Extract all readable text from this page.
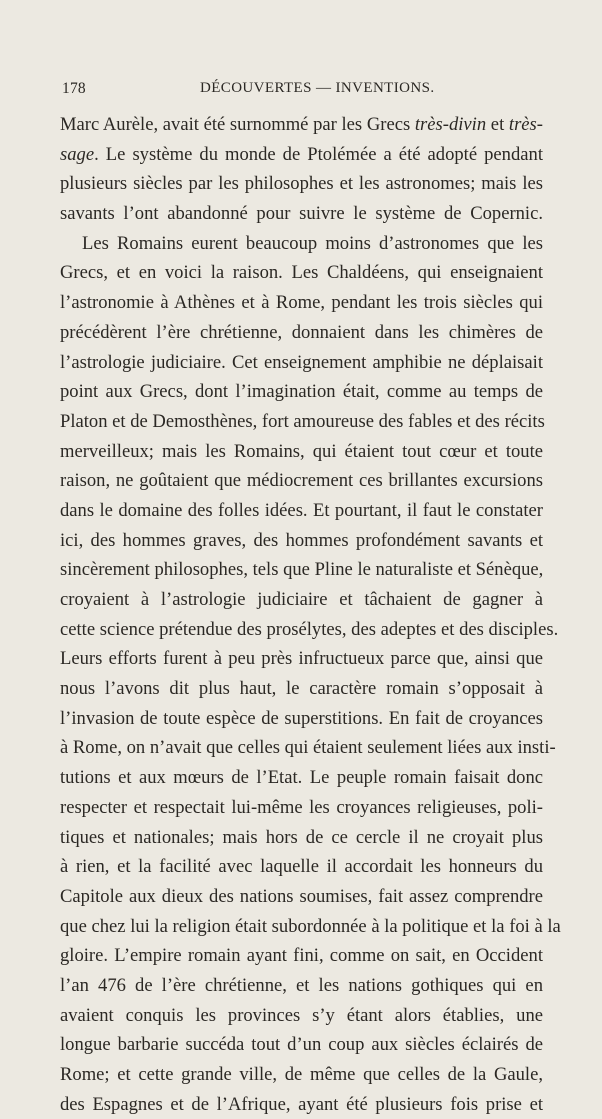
178	DÉCOUVERTES — INVENTIONS.
Marc Aurèle, avait été surnommé par les Grecs très-divin et très-
sage. Le système du monde de Ptolémée a été adopté pendant
plusieurs siècles par les philosophes et les astronomes; mais les
savants l’ont abandonné pour suivre le système de Copernic.
Les Romains eurent beaucoup moins d’astronomes que les
Grecs, et en voici la raison. Les Chaldéens, qui enseignaient
l’astronomie à Athènes et à Rome, pendant les trois siècles qui
précédèrent l’ère chrétienne, donnaient dans les chimères de
l’astrologie judiciaire. Cet enseignement amphibie ne déplaisait
point aux Grecs, dont l’imagination était, comme au temps de
Platon et de Demosthènes, fort amoureuse des fables et des récits
merveilleux; mais les Romains, qui étaient tout cœur et toute
raison, ne goûtaient que médiocrement ces brillantes excursions
dans le domaine des folles idées. Et pourtant, il faut le constater
ici, des hommes graves, des hommes profondément savants et
sincèrement philosophes, tels que Pline le naturaliste et Sénèque,
croyaient à l’astrologie judiciaire et tâchaient de gagner à
cette science prétendue des prosélytes, des adeptes et des disciples.
Leurs efforts furent à peu près infructueux parce que, ainsi que
nous l’avons dit plus haut, le caractère romain s’opposait à
l’invasion de toute espèce de superstitions. En fait de croyances
à Rome, on n’avait que celles qui étaient seulement liées aux insti-
tutions et aux mœurs de l’Etat. Le peuple romain faisait donc
respecter et respectait lui-même les croyances religieuses, poli-
tiques et nationales; mais hors de ce cercle il ne croyait plus
à rien, et la facilité avec laquelle il accordait les honneurs du
Capitole aux dieux des nations soumises, fait assez comprendre
que chez lui la religion était subordonnée à la politique et la foi à la
gloire. L’empire romain ayant fini, comme on sait, en Occident
l’an 476 de l’ère chrétienne, et les nations gothiques qui en
avaient conquis les provinces s’y étant alors établies, une
longue barbarie succéda tout d’un coup aux siècles éclairés de
Rome; et cette grande ville, de même que celles de la Gaule,
des Espagnes et de l’Afrique, ayant été plusieurs fois prise et
